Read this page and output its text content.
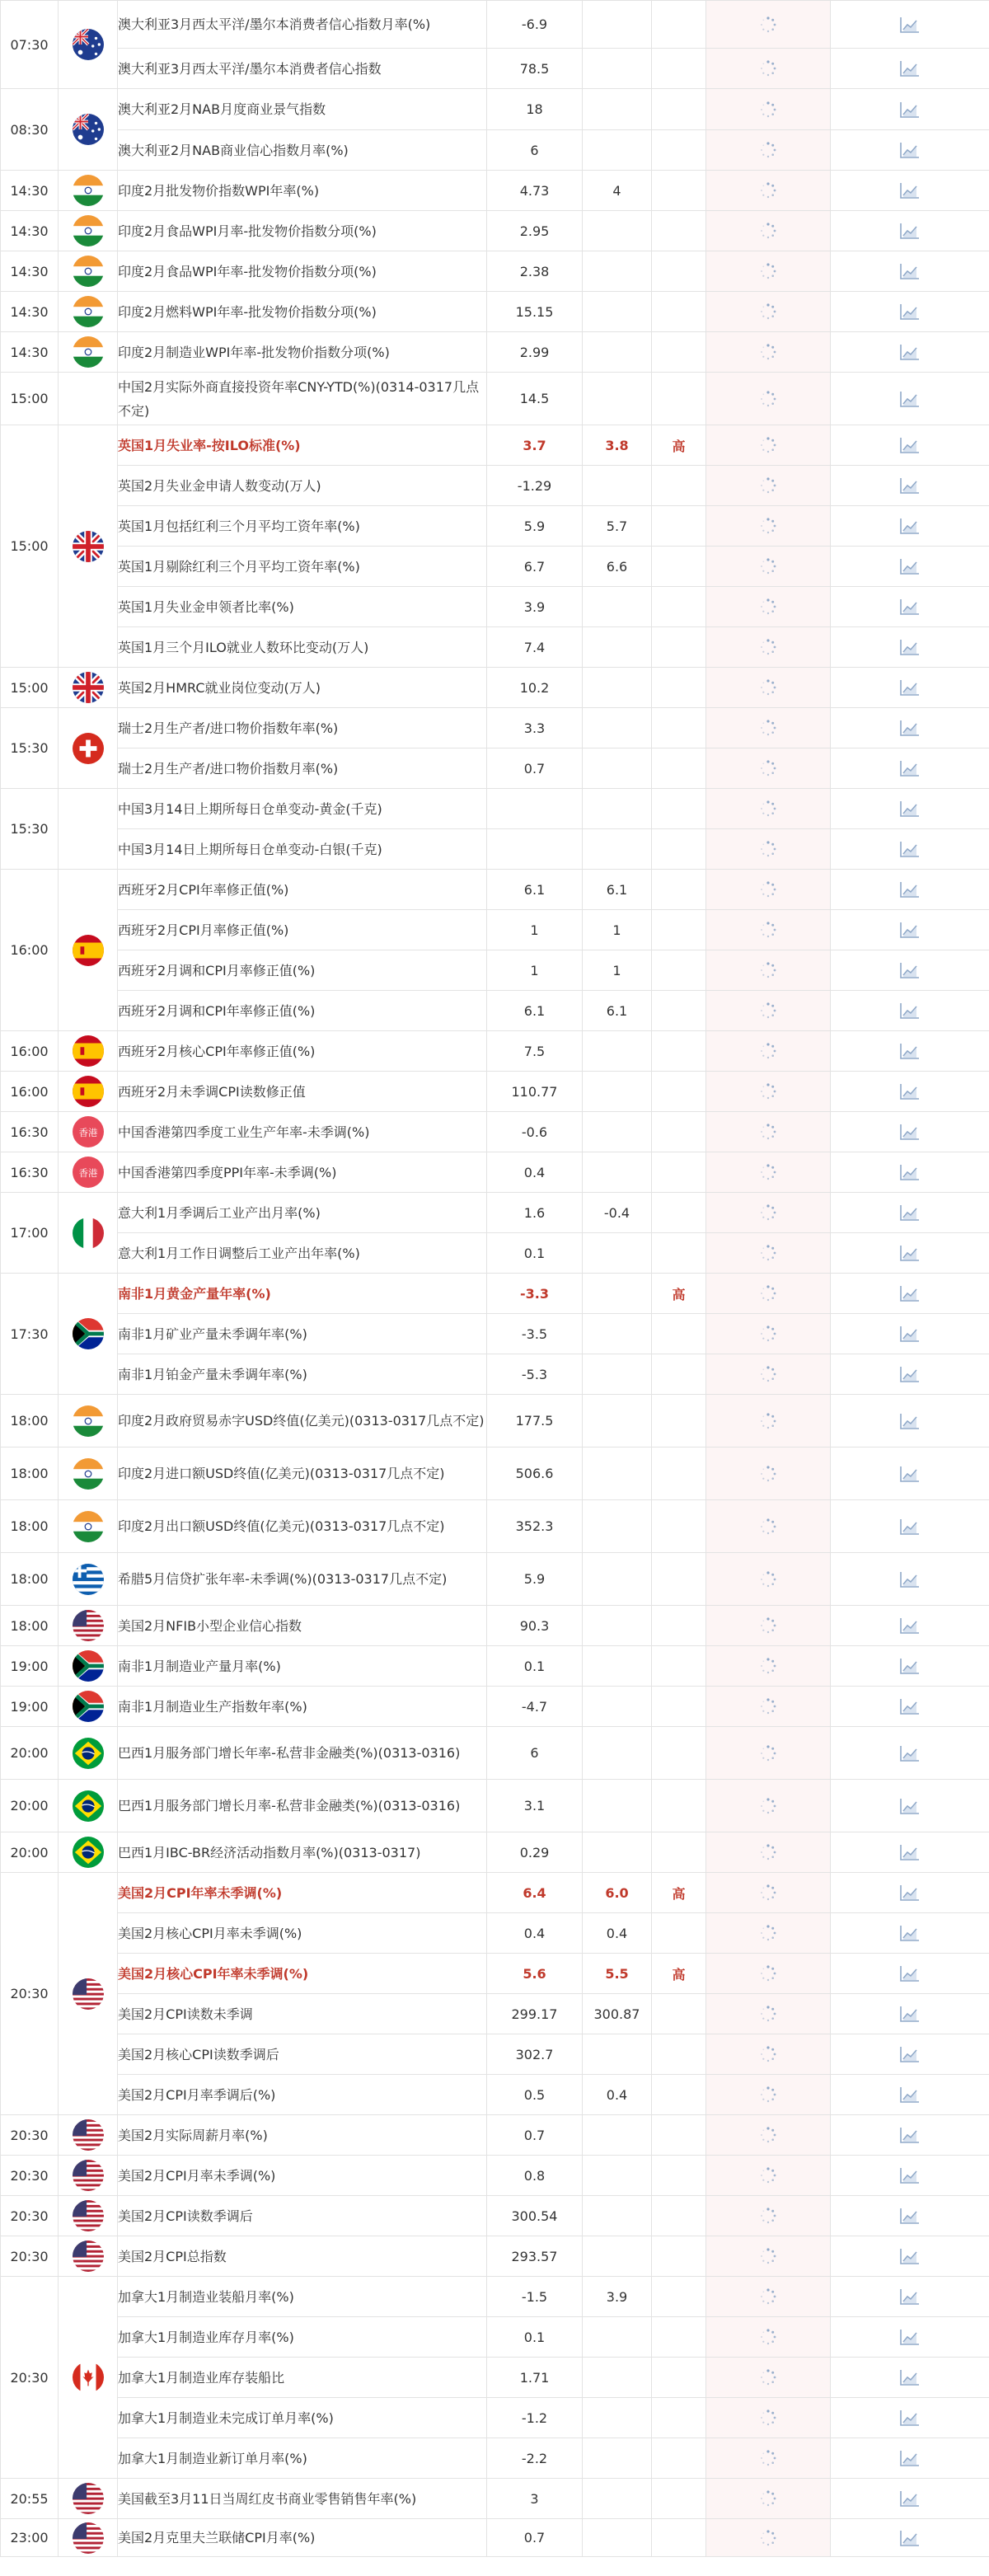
07:30		澳大利亚3月西太平洋/墨尔本消费者信心指数月率(%)	-6.9				
		澳大利亚3月西太平洋/墨尔本消费者信心指数	78.5				
08:30		澳大利亚2月NAB月度商业景气指数	18				
		澳大利亚2月NAB商业信心指数月率(%)	6				
14:30		印度2月批发物价指数WPI年率(%)	4.73	4			
14:30		印度2月食品WPI月率-批发物价指数分项(%)	2.95				
14:30		印度2月食品WPI年率-批发物价指数分项(%)	2.38				
14:30		印度2月燃料WPI年率-批发物价指数分项(%)	15.15				
14:30		印度2月制造业WPI年率-批发物价指数分项(%)	2.99				
15:00		中国2月实际外商直接投资年率CNY-YTD(%)(0314-0317几点不定)	14.5				
15:00		英国1月失业率-按ILO标准(%)	3.7	3.8	高		
		英国2月失业金申请人数变动(万人)	-1.29				
		英国1月包括红利三个月平均工资年率(%)	5.9	5.7			
		英国1月剔除红利三个月平均工资年率(%)	6.7	6.6			
		英国1月失业金申领者比率(%)	3.9				
		英国1月三个月ILO就业人数环比变动(万人)	7.4				
15:00		英国2月HMRC就业岗位变动(万人)	10.2				
15:30		瑞士2月生产者/进口物价指数年率(%)	3.3				
		瑞士2月生产者/进口物价指数月率(%)	0.7				
15:30		中国3月14日上期所每日仓单变动-黄金(千克)					
		中国3月14日上期所每日仓单变动-白银(千克)					
16:00		西班牙2月CPI年率修正值(%)	6.1	6.1			
		西班牙2月CPI月率修正值(%)	1	1			
		西班牙2月调和CPI月率修正值(%)	1	1			
		西班牙2月调和CPI年率修正值(%)	6.1	6.1			
16:00		西班牙2月核心CPI年率修正值(%)	7.5				
16:00		西班牙2月未季调CPI读数修正值	110.77				
16:30	香港	中国香港第四季度工业生产年率-未季调(%)	-0.6				
16:30	香港	中国香港第四季度PPI年率-未季调(%)	0.4				
17:00		意大利1月季调后工业产出月率(%)	1.6	-0.4			
		意大利1月工作日调整后工业产出年率(%)	0.1				
17:30		南非1月黄金产量年率(%)	-3.3		高		
		南非1月矿业产量未季调年率(%)	-3.5				
		南非1月铂金产量未季调年率(%)	-5.3				
18:00		印度2月政府贸易赤字USD终值(亿美元)(0313-0317几点不定)	177.5				
18:00		印度2月进口额USD终值(亿美元)(0313-0317几点不定)	506.6				
18:00		印度2月出口额USD终值(亿美元)(0313-0317几点不定)	352.3				
18:00		希腊5月信贷扩张年率-未季调(%)(0313-0317几点不定)	5.9				
18:00		美国2月NFIB小型企业信心指数	90.3				
19:00		南非1月制造业产量月率(%)	0.1				
19:00		南非1月制造业生产指数年率(%)	-4.7				
20:00		巴西1月服务部门增长年率-私营非金融类(%)(0313-0316)	6				
20:00		巴西1月服务部门增长月率-私营非金融类(%)(0313-0316)	3.1				
20:00		巴西1月IBC-BR经济活动指数月率(%)(0313-0317)	0.29				
20:30		美国2月CPI年率未季调(%)	6.4	6.0	高		
		美国2月核心CPI月率未季调(%)	0.4	0.4			
		美国2月核心CPI年率未季调(%)	5.6	5.5	高		
		美国2月CPI读数未季调	299.17	300.87			
		美国2月核心CPI读数季调后	302.7				
		美国2月CPI月率季调后(%)	0.5	0.4			
20:30		美国2月实际周薪月率(%)	0.7				
20:30		美国2月CPI月率未季调(%)	0.8				
20:30		美国2月CPI读数季调后	300.54				
20:30		美国2月CPI总指数	293.57				
20:30		加拿大1月制造业装船月率(%)	-1.5	3.9			
		加拿大1月制造业库存月率(%)	0.1				
		加拿大1月制造业库存装船比	1.71				
		加拿大1月制造业未完成订单月率(%)	-1.2				
		加拿大1月制造业新订单月率(%)	-2.2				
20:55		美国截至3月11日当周红皮书商业零售销售年率(%)	3				
23:00		美国2月克里夫兰联储CPI月率(%)	0.7				
